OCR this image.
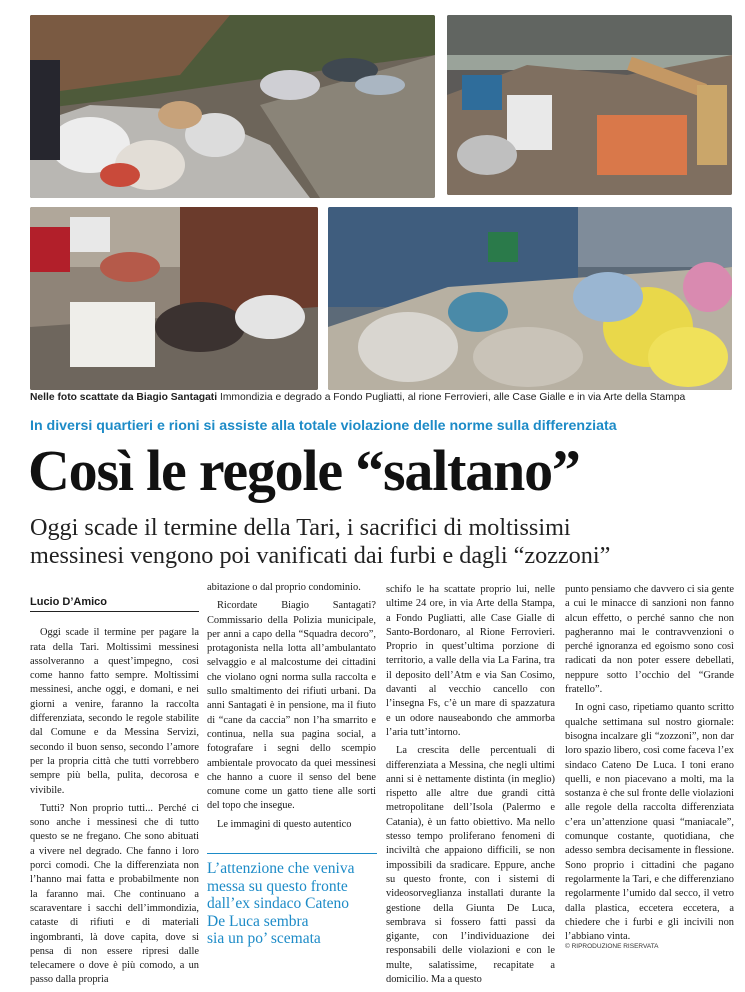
Nelle foto scattate da Biagio Santagati Immondizia e degrado a Fondo Pugliatti, al rione Ferrovieri, alle Case Gialle e in via Arte della Stampa
In diversi quartieri e rioni si assiste alla totale violazione delle norme sulla differenziata
Così le regole “saltano”
Oggi scade il termine della Tari, i sacrifici di moltissimi
messinesi vengono poi vanificati dai furbi e dagli “zozzoni”
Lucio D’Amico

Oggi scade il termine per pagare la rata della Tari. Moltissimi messinesi assolveranno a quest’impegno, così come hanno fatto sempre. Moltissimi messinesi, anche oggi, e domani, e nei giorni a venire, faranno la raccolta differenziata, secondo le regole stabilite dal Comune e da Messina Servizi, secondo il buon senso, secondo l’amore per la propria città che tutti vorrebbero sempre più bella, pulita, decorosa e vivibile.

Tutti? Non proprio tutti... Perché ci sono anche i messinesi che di tutto questo se ne fregano. Che sono abituati a vivere nel degrado. Che fanno i loro porci comodi. Che la differenziata non l’hanno mai fatta e probabilmente non la faranno mai. Che continuano a scaraventare i sacchi dell’immondizia, cataste di rifiuti e di materiali ingombranti, là dove capita, dove si pensa di non essere ripresi dalle telecamere o dove è più comodo, a un passo dalla propria

abitazione o dal proprio condominio.

Ricordate Biagio Santagati? Commissario della Polizia municipale, per anni a capo della “Squadra decoro”, protagonista nella lotta all’ambulantato selvaggio e al malcostume dei cittadini che violano ogni norma sulla raccolta e sullo smaltimento dei rifiuti urbani. Da anni Santagati è in pensione, ma il fiuto di “cane da caccia” non l’ha smarrito e continua, nella sua pagina social, a fotografare i segni dello scempio ambientale provocato da quei messinesi che hanno a cuore il senso del bene comune come un gatto tiene alle sorti del topo che insegue.

Le immagini di questo autentico

L’attenzione che veniva
messa su questo fronte
dall’ex sindaco Cateno
De Luca sembra
sia un po’ scemata

schifo le ha scattate proprio lui, nelle ultime 24 ore, in via Arte della Stampa, a Fondo Pugliatti, alle Case Gialle di Santo-Bordonaro, al Rione Ferrovieri. Proprio in quest’ultima porzione di territorio, a valle della via La Farina, tra il deposito dell’Atm e via San Cosimo, davanti al vecchio cancello con l’insegna Fs, c’è un mare di spazzatura e un odore nauseabondo che ammorba l’aria tutt’intorno.

La crescita delle percentuali di differenziata a Messina, che negli ultimi anni si è nettamente distinta (in meglio) rispetto alle altre due grandi città metropolitane dell’Isola (Palermo e Catania), è un fatto obiettivo. Ma nello stesso tempo proliferano fenomeni di inciviltà che appaiono difficili, se non impossibili da sradicare. Eppure, anche su questo fronte, con i sistemi di videosorveglianza installati durante la gestione della Giunta De Luca, sembrava si fossero fatti passi da gigante, con l’individuazione dei responsabili delle violazioni e con le multe, salatissime, recapitate a domicilio. Ma a questo

punto pensiamo che davvero ci sia gente a cui le minacce di sanzioni non fanno alcun effetto, o perché sanno che non pagheranno mai le contravvenzioni o perché ignoranza ed egoismo sono così radicati da non poter essere debellati, neppure sotto l’occhio del “Grande fratello”.

In ogni caso, ripetiamo quanto scritto qualche settimana sul nostro giornale: bisogna incalzare gli “zozzoni”, non dar loro spazio libero, così come faceva l’ex sindaco Cateno De Luca. I toni erano quelli, e non piacevano a molti, ma la sostanza è che sul fronte delle violazioni alle regole della raccolta differenziata c’era un’attenzione quasi “maniacale”, comunque costante, quotidiana, che adesso sembra decisamente in flessione. Sono proprio i cittadini che pagano regolarmente la Tari, e che differenziano regolarmente l’umido dal secco, il vetro dalla plastica, eccetera eccetera, a chiedere che i furbi e gli incivili non l’abbiano vinta.

© RIPRODUZIONE RISERVATA
